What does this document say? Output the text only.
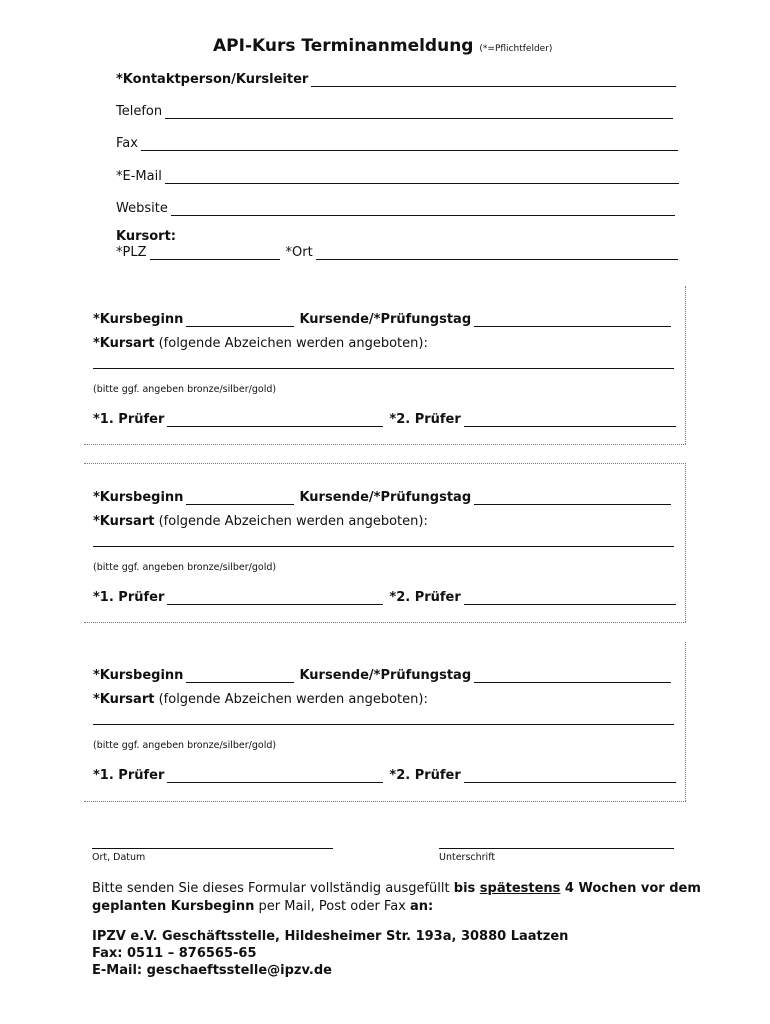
API-Kurs Terminanmeldung (*=Pflichtfelder)
*Kontaktperson/Kursleiter
Telefon
Fax
*E-Mail
Website
Kursort:
*PLZ	*Ort
*Kursbeginn	Kursende/*Prüfungstag
*Kursart (folgende Abzeichen werden angeboten):
(bitte ggf. angeben bronze/silber/gold)
*1. Prüfer	*2. Prüfer
*Kursbeginn	Kursende/*Prüfungstag
*Kursart (folgende Abzeichen werden angeboten):
(bitte ggf. angeben bronze/silber/gold)
*1. Prüfer	*2. Prüfer
*Kursbeginn	Kursende/*Prüfungstag
*Kursart (folgende Abzeichen werden angeboten):
(bitte ggf. angeben bronze/silber/gold)
*1. Prüfer	*2. Prüfer
Ort, Datum	Unterschrift
Bitte senden Sie dieses Formular vollständig ausgefüllt bis spätestens 4 Wochen vor dem
geplanten Kursbeginn per Mail, Post oder Fax an:
IPZV e.V. Geschäftsstelle, Hildesheimer Str. 193a, 30880 Laatzen
Fax: 0511 – 876565-65
E-Mail: geschaeftsstelle@ipzv.de
